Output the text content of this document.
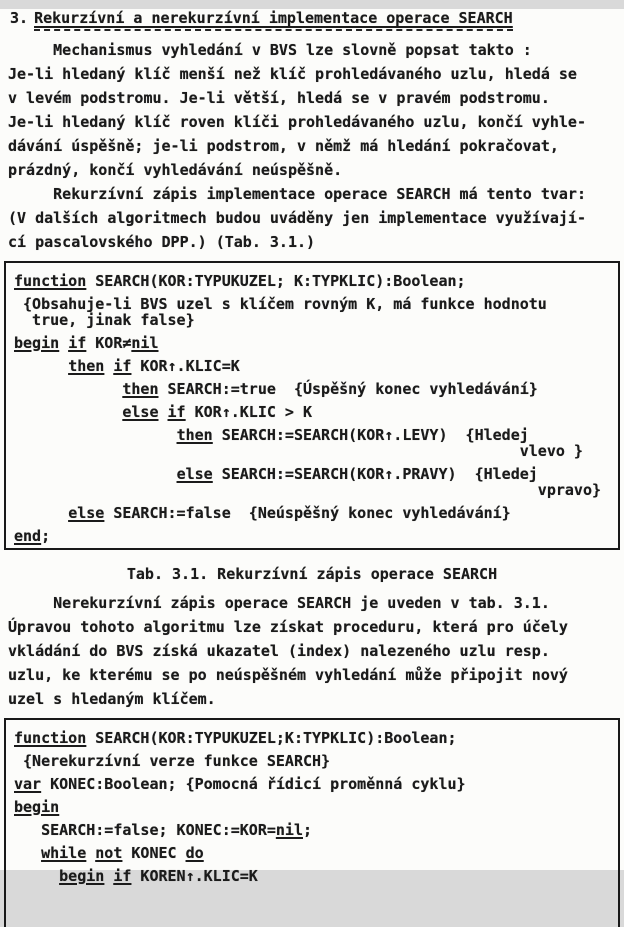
3. Rekurzívní a nerekurzívní implementace operace SEARCH
Mechanismus vyhledání v BVS lze slovně popsat takto :
Je-li hledaný klíč menší než klíč prohledávaného uzlu, hledá se
v levém podstromu. Je-li větší, hledá se v pravém podstromu.
Je-li hledaný klíč roven klíči prohledávaného uzlu, končí vyhle-
dávání úspěšně; je-li podstrom, v němž má hledání pokračovat,
prázdný, končí vyhledávání neúspěšně.
Rekurzívní zápis implementace operace SEARCH má tento tvar:
(V dalších algoritmech budou uváděny jen implementace využívají-
cí pascalovského DPP.) (Tab. 3.1.)
function SEARCH(KOR:TYPUKUZEL; K:TYPKLIC):Boolean;
{Obsahuje-li BVS uzel s klíčem rovným K, má funkce hodnotu
true, jinak false}
begin if KOR≠nil
then if KOR↑.KLIC=K
then SEARCH:=true  {Úspěšný konec vyhledávání}
else if KOR↑.KLIC > K
then SEARCH:=SEARCH(KOR↑.LEVY)  {Hledej
vlevo }
else SEARCH:=SEARCH(KOR↑.PRAVY)  {Hledej
vpravo}
else SEARCH:=false  {Neúspěšný konec vyhledávání}
end;
Tab. 3.1. Rekurzívní zápis operace SEARCH
Nerekurzívní zápis operace SEARCH je uveden v tab. 3.1.
Úpravou tohoto algoritmu lze získat proceduru, která pro účely
vkládání do BVS získá ukazatel (index) nalezeného uzlu resp.
uzlu, ke kterému se po neúspěšném vyhledání může připojit nový
uzel s hledaným klíčem.
function SEARCH(KOR:TYPUKUZEL;K:TYPKLIC):Boolean;
{Nerekurzívní verze funkce SEARCH}
var KONEC:Boolean; {Pomocná řídicí proměnná cyklu}
begin
SEARCH:=false; KONEC:=KOR=nil;
while not KONEC do
begin if KOREN↑.KLIC=K
